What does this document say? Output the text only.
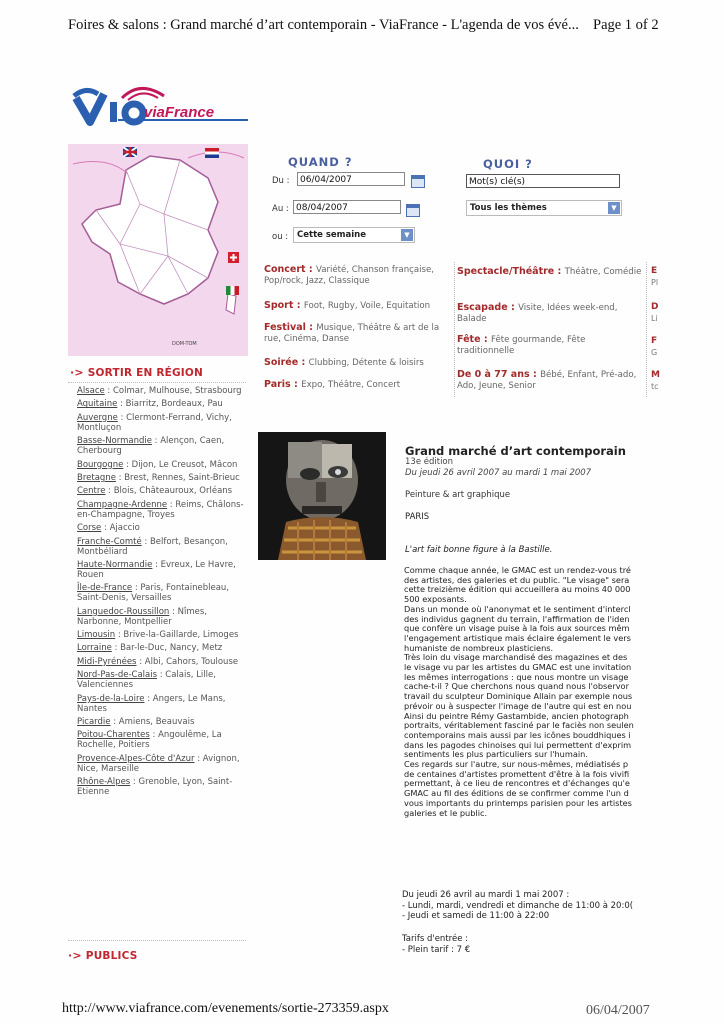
Foires & salons : Grand marché d’art contemporain - ViaFrance - L'agenda de vos évé... Page 1 of 2
http://www.viafrance.com/evenements/sortie-273359.aspx	06/04/2007
viaFrance
DOM-TOM
·> SORTIR EN RÉGION
Alsace : Colmar, Mulhouse, Strasbourg
Aquitaine : Biarritz, Bordeaux, Pau
Auvergne : Clermont-Ferrand, Vichy, Montluçon
Basse-Normandie : Alençon, Caen, Cherbourg
Bourgogne : Dijon, Le Creusot, Mâcon
Bretagne : Brest, Rennes, Saint-Brieuc
Centre : Blois, Châteauroux, Orléans
Champagne-Ardenne : Reims, Châlons-en-Champagne, Troyes
Corse : Ajaccio
Franche-Comté : Belfort, Besançon, Montbéliard
Haute-Normandie : Evreux, Le Havre, Rouen
Île-de-France : Paris, Fontainebleau, Saint-Denis, Versailles
Languedoc-Roussillon : Nîmes, Narbonne, Montpellier
Limousin : Brive-la-Gaillarde, Limoges
Lorraine : Bar-le-Duc, Nancy, Metz
Midi-Pyrénées : Albi, Cahors, Toulouse
Nord-Pas-de-Calais : Calais, Lille, Valenciennes
Pays-de-la-Loire : Angers, Le Mans, Nantes
Picardie : Amiens, Beauvais
Poitou-Charentes : Angoulême, La Rochelle, Poitiers
Provence-Alpes-Côte d'Azur : Avignon, Nice, Marseille
Rhône-Alpes : Grenoble, Lyon, Saint-Etienne
·> PUBLICS
QUAND ?	QUOI ?
Du :	06/04/2007
Au : 08/04/2007
ou :	Cette semaine	▼
Mot(s) clé(s)
Tous les thèmes	▼
Concert : Variété, Chanson française, Pop/rock, Jazz, Classique
Sport : Foot, Rugby, Voile, Equitation
Festival : Musique, Théâtre & art de la rue, Cinéma, Danse
Soirée : Clubbing, Détente & loisirs
Paris : Expo, Théâtre, Concert
Spectacle/Théâtre : Théâtre, Comédie
Escapade : Visite, Idées week-end, Balade
Fête : Fête gourmande, Fête traditionnelle
De 0 à 77 ans : Bébé, Enfant, Pré-ado, Ado, Jeune, Senior
E
Pl
D
Li
F
G
M
tc
Grand marché d’art contemporain
13e édition
Du jeudi 26 avril 2007 au mardi 1 mai 2007
Peinture & art graphique
PARIS
L'art fait bonne figure à la Bastille.
Comme chaque année, le GMAC est un rendez-vous tré
des artistes, des galeries et du public. "Le visage" sera
cette treizième édition qui accueillera au moins 40 000
500 exposants.
Dans un monde où l'anonymat et le sentiment d'intercl
des individus gagnent du terrain, l'affirmation de l'iden
que confère un visage puise à la fois aux sources mêm
l'engagement artistique mais éclaire également le vers
humaniste de nombreux plasticiens.
Très loin du visage marchandisé des magazines et des
le visage vu par les artistes du GMAC est une invitation
les mêmes interrogations : que nous montre un visage
cache-t-il ? Que cherchons nous quand nous l'observor
travail du sculpteur Dominique Allain par exemple nous
prévoir ou à suspecter l'image de l'autre qui est en nou
Ainsi du peintre Rémy Gastambide, ancien photograph
portraits, véritablement fasciné par le faciès non seulen
contemporains mais aussi par les icônes bouddhiques i
dans les pagodes chinoises qui lui permettent d'exprim
sentiments les plus particuliers sur l'humain.
Ces regards sur l'autre, sur nous-mêmes, médiatisés p
de centaines d'artistes promettent d'être à la fois vivifi
permettant, à ce lieu de rencontres et d'échanges qu'e
GMAC au fil des éditions de se confirmer comme l'un d
vous importants du printemps parisien pour les artistes
galeries et le public.
Du jeudi 26 avril au mardi 1 mai 2007 :
- Lundi, mardi, vendredi et dimanche de 11:00 à 20:0(
- Jeudi et samedi de 11:00 à 22:00
Tarifs d'entrée :
- Plein tarif : 7 €
